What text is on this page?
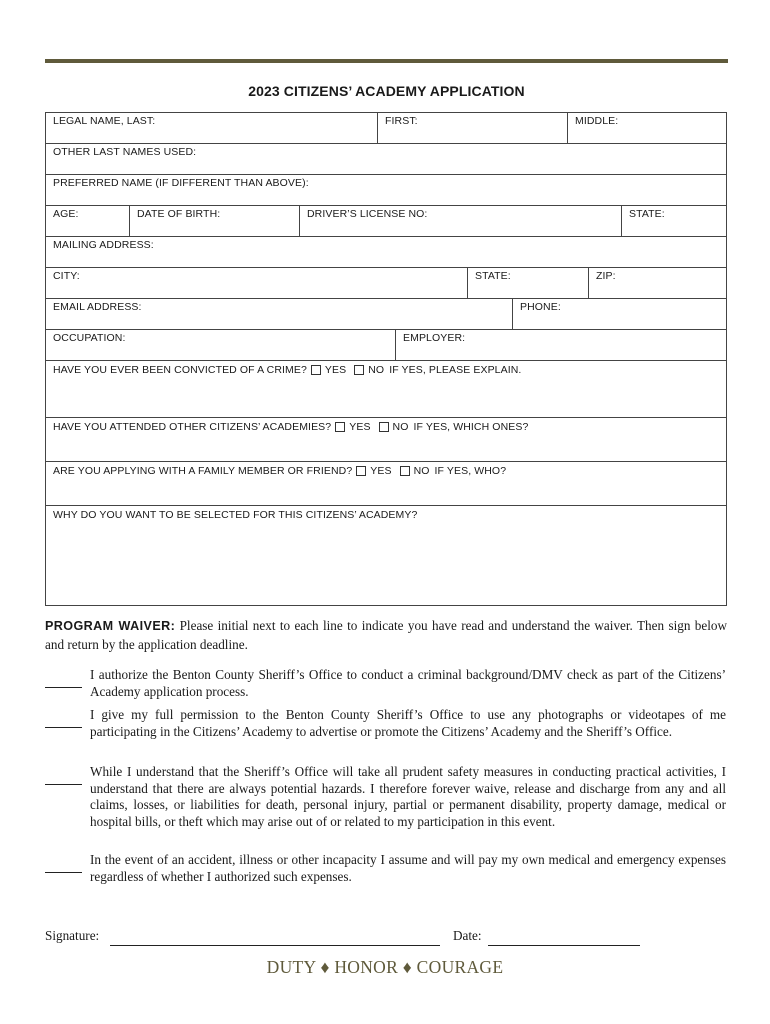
2023 CITIZENS’ ACADEMY APPLICATION
LEGAL NAME, LAST:	FIRST:	MIDDLE:
OTHER LAST NAMES USED:
PREFERRED NAME (IF DIFFERENT THAN ABOVE):
AGE:	DATE OF BIRTH:	DRIVER’S LICENSE NO:	STATE:
MAILING ADDRESS:
CITY:	STATE:	ZIP:
EMAIL ADDRESS:	PHONE:
OCCUPATION:	EMPLOYER:
HAVE YOU EVER BEEN CONVICTED OF A CRIME? YES NO IF YES, PLEASE EXPLAIN.
HAVE YOU ATTENDED OTHER CITIZENS’ ACADEMIES? YES NO IF YES, WHICH ONES?
ARE YOU APPLYING WITH A FAMILY MEMBER OR FRIEND? YES NO IF YES, WHO?
WHY DO YOU WANT TO BE SELECTED FOR THIS CITIZENS’ ACADEMY?
PROGRAM WAIVER: Please initial next to each line to indicate you have read and understand the waiver. Then sign below and return by the application deadline.
I authorize the Benton County Sheriff’s Office to conduct a criminal background/DMV check as part of the Citizens’ Academy application process.
I give my full permission to the Benton County Sheriff’s Office to use any photographs or videotapes of me participating in the Citizens’ Academy to advertise or promote the Citizens’ Academy and the Sheriff’s Office.
While I understand that the Sheriff’s Office will take all prudent safety measures in conducting practical activities, I understand that there are always potential hazards. I therefore forever waive, release and discharge from any and all claims, losses, or liabilities for death, personal injury, partial or permanent disability, property damage, medical or hospital bills, or theft which may arise out of or related to my participation in this event.
In the event of an accident, illness or other incapacity I assume and will pay my own medical and emergency expenses regardless of whether I authorized such expenses.
Signature:	Date:
DUTY ♦ HONOR ♦ COURAGE
